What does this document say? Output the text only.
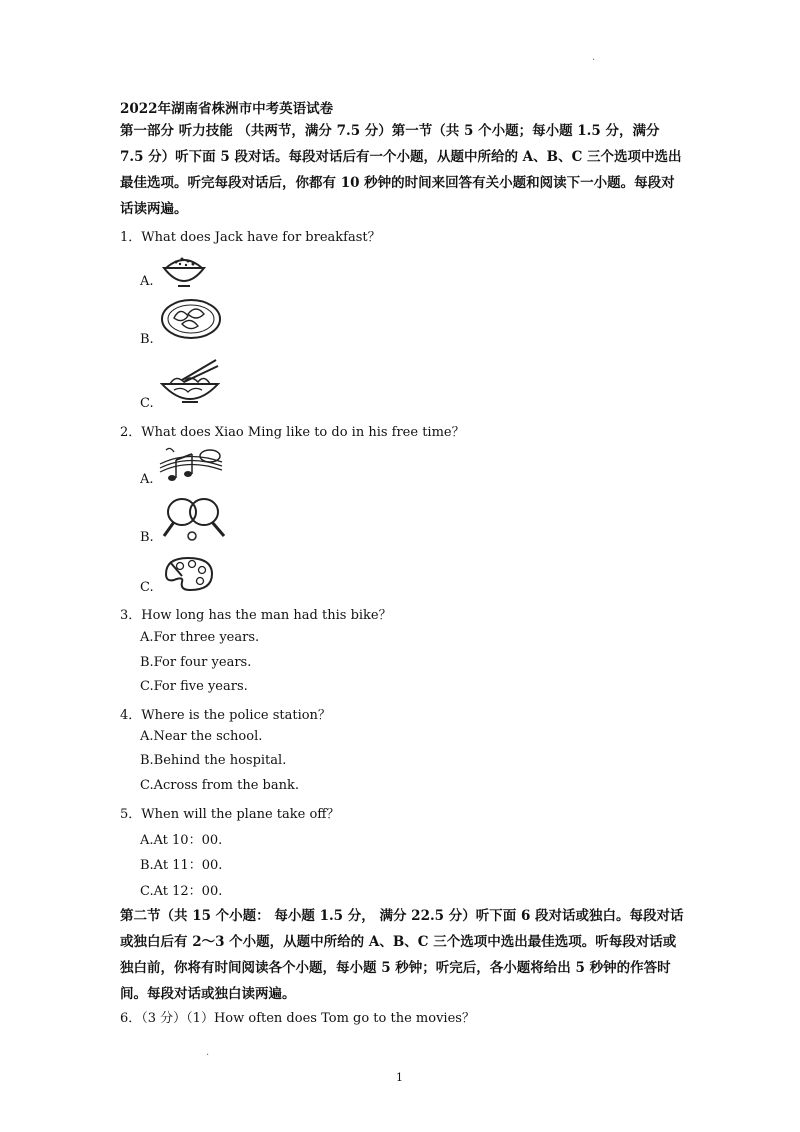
.
2022年湖南省株洲市中考英语试卷

第一部分 听力技能 （共两节，满分 7.5 分）第一节（共 5 个小题；每小题 1.5 分，满分 7.5 分）听下面 5 段对话。每段对话后有一个小题，从题中所给的 A、B、C 三个选项中选出最佳选项。听完每段对话后，你都有 10 秒钟的时间来回答有关小题和阅读下一小题。每段对话读两遍。

1．What does Jack have for breakfast？
A.
B.
C.
2．What does Xiao Ming like to do in his free time？
A.
B.
C.
3．How long has the man had this bike？
A.For three years.
B.For four years.
C.For five years.
4．Where is the police station？
A.Near the school.
B.Behind the hospital.
C.Across from the bank.
5．When will the plane take off？
A.At 10：00.
B.At 11：00.
C.At 12：00.

第二节（共 15 个小题： 每小题 1.5 分， 满分 22.5 分）听下面 6 段对话或独白。每段对话或独白后有 2～3 个小题，从题中所给的 A、B、C 三个选项中选出最佳选项。听每段对话或独白前，你将有时间阅读各个小题，每小题 5 秒钟；听完后，各小题将给出 5 秒钟的作答时间。每段对话或独白读两遍。

6．（3 分）（1）How often does Tom go to the movies？
.
1
